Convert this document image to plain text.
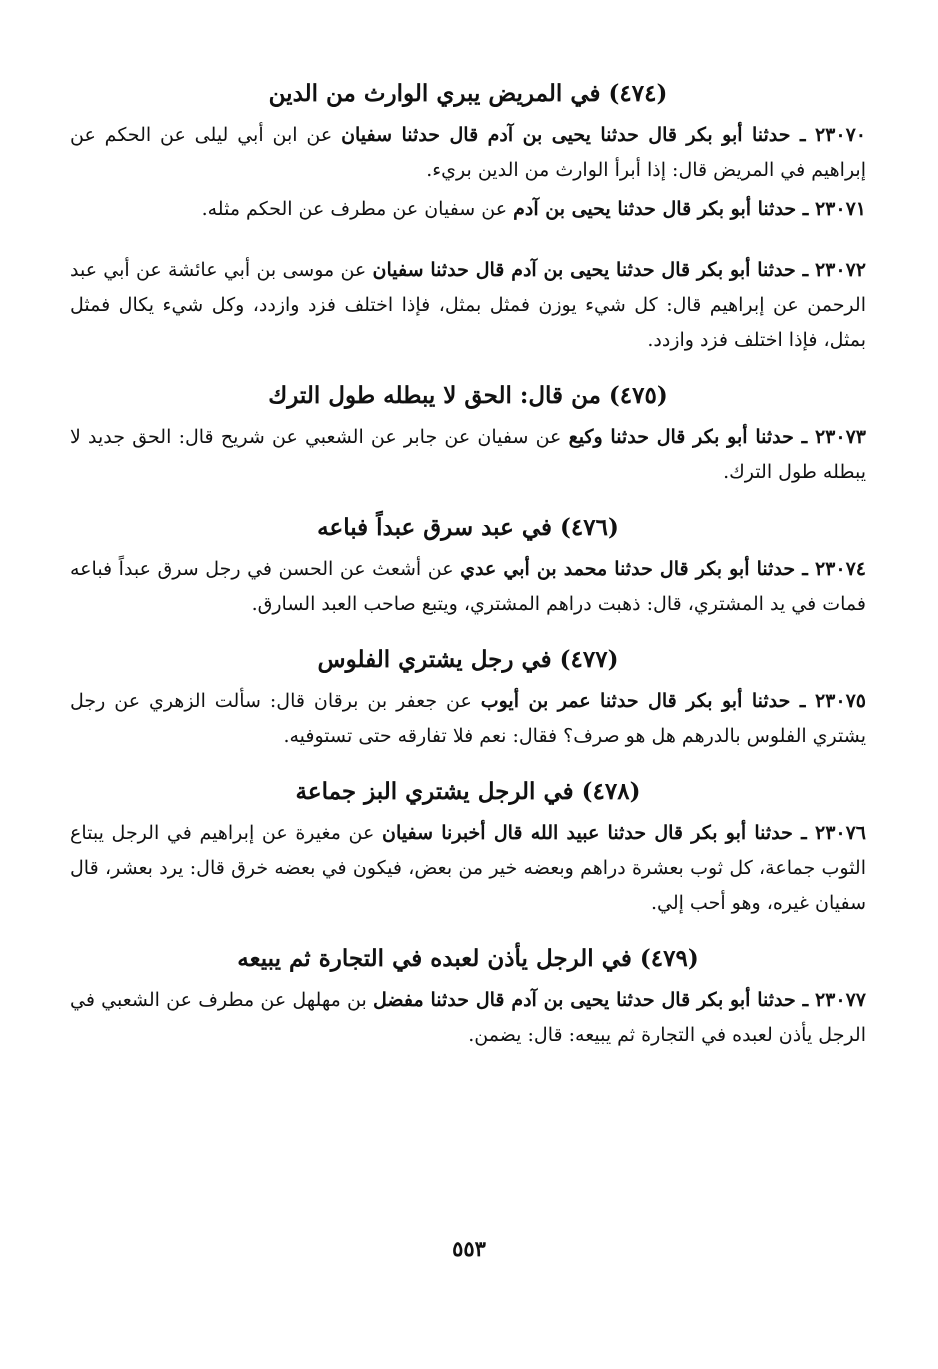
(٤٧٤) في المريض يبري الوارث من الدين

٢٣٠٧٠ ـ حدثنا أبو بكر قال حدثنا يحيى بن آدم قال حدثنا سفيان عن ابن أبي ليلى عن الحكم عن إبراهيم في المريض قال: إذا أبرأ الوارث من الدين بريء.

٢٣٠٧١ ـ حدثنا أبو بكر قال حدثنا يحيى بن آدم عن سفيان عن مطرف عن الحكم مثله.

٢٣٠٧٢ ـ حدثنا أبو بكر قال حدثنا يحيى بن آدم قال حدثنا سفيان عن موسى بن أبي عائشة عن أبي عبد الرحمن عن إبراهيم قال: كل شيء يوزن فمثل بمثل، فإذا اختلف فزد وازدد، وكل شيء يكال فمثل بمثل، فإذا اختلف فزد وازدد.

(٤٧٥) من قال: الحق لا يبطله طول الترك

٢٣٠٧٣ ـ حدثنا أبو بكر قال حدثنا وكيع عن سفيان عن جابر عن الشعبي عن شريح قال: الحق جديد لا يبطله طول الترك.

(٤٧٦) في عبد سرق عبداً فباعه

٢٣٠٧٤ ـ حدثنا أبو بكر قال حدثنا محمد بن أبي عدي عن أشعث عن الحسن في رجل سرق عبداً فباعه فمات في يد المشتري، قال: ذهبت دراهم المشتري، ويتبع صاحب العبد السارق.

(٤٧٧) في رجل يشتري الفلوس

٢٣٠٧٥ ـ حدثنا أبو بكر قال حدثنا عمر بن أيوب عن جعفر بن برقان قال: سألت الزهري عن رجل يشتري الفلوس بالدرهم هل هو صرف؟ فقال: نعم فلا تفارقه حتى تستوفيه.

(٤٧٨) في الرجل يشتري البز جماعة

٢٣٠٧٦ ـ حدثنا أبو بكر قال حدثنا عبيد الله قال أخبرنا سفيان عن مغيرة عن إبراهيم في الرجل يبتاع الثوب جماعة، كل ثوب بعشرة دراهم وبعضه خير من بعض، فيكون في بعضه خرق قال: يرد بعشر، قال سفيان غيره، وهو أحب إلي.

(٤٧٩) في الرجل يأذن لعبده في التجارة ثم يبيعه

٢٣٠٧٧ ـ حدثنا أبو بكر قال حدثنا يحيى بن آدم قال حدثنا مفضل بن مهلهل عن مطرف عن الشعبي في الرجل يأذن لعبده في التجارة ثم يبيعه: قال: يضمن.

٥٥٣
